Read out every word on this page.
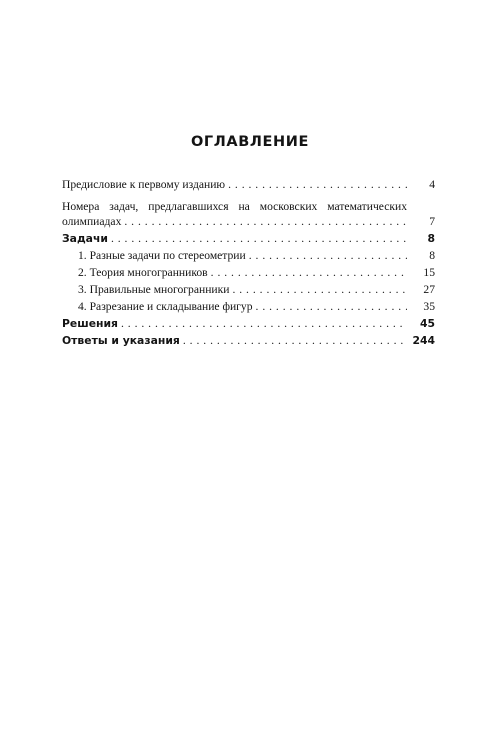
ОГЛАВЛЕНИЕ
Предисловие к первому изданию . . .	4
Номера задач, предлагавшихся на московских математических
олимпиадах . . .	7
Задачи . . .	8
1. Разные задачи по стереометрии . . .	8
2. Теория многогранников . . .	15
3. Правильные многогранники . . .	27
4. Разрезание и складывание фигур . . .	35
Решения . . .	45
Ответы и указания . . .	244
